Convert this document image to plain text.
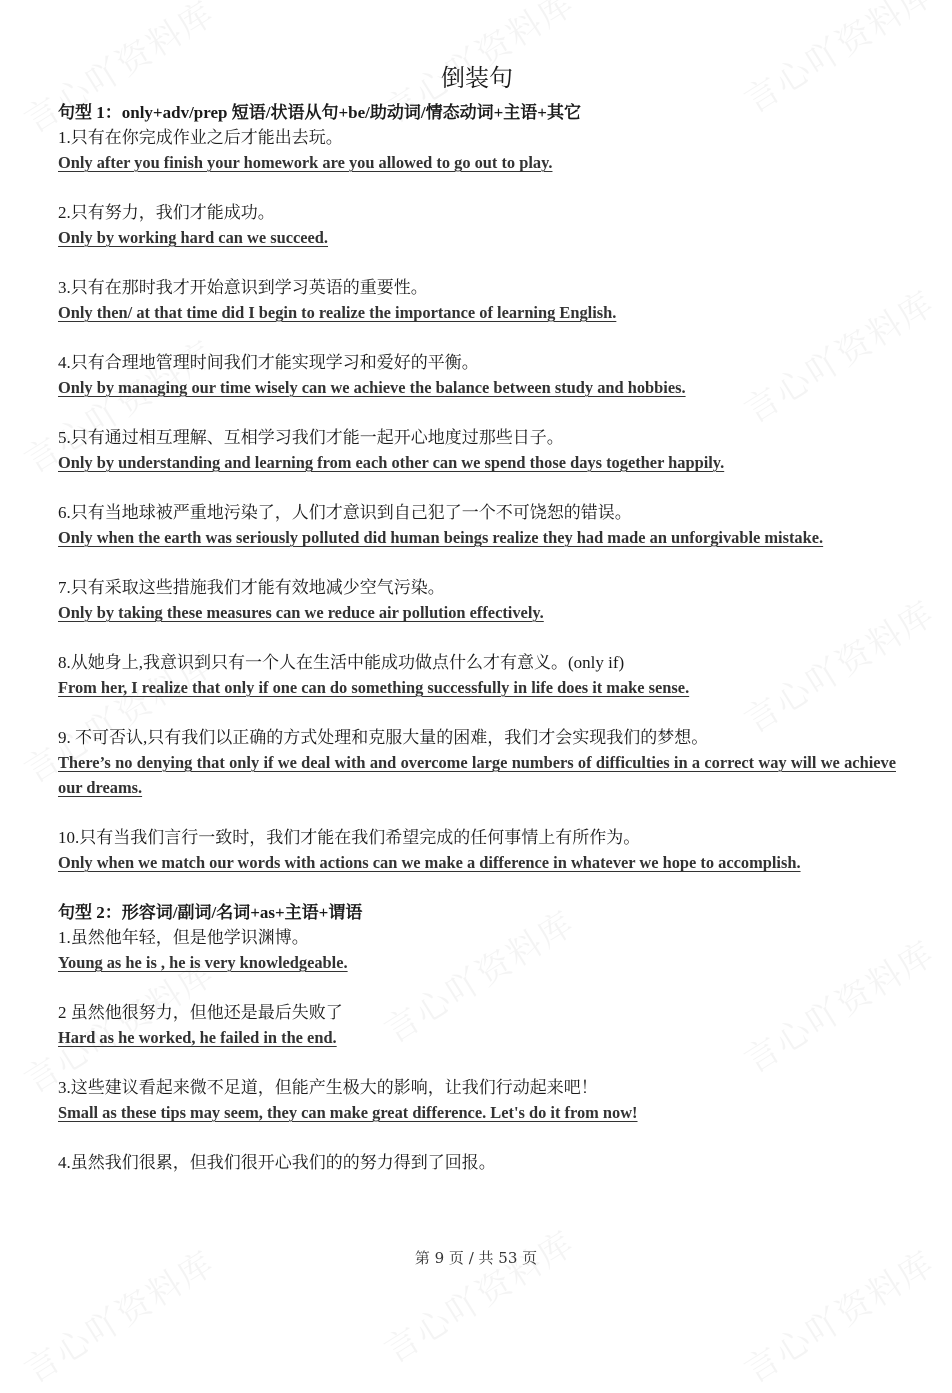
倒装句

句型 1：only+adv/prep 短语/状语从句+be/助动词/情态动词+主语+其它

1.只有在你完成作业之后才能出去玩。

Only after you finish your homework are you allowed to go out to play.

2.只有努力，我们才能成功。

Only by working hard can we succeed.

3.只有在那时我才开始意识到学习英语的重要性。

Only then/ at that time did I begin to realize the importance of learning English.

4.只有合理地管理时间我们才能实现学习和爱好的平衡。

Only by managing our time wisely can we achieve the balance between study and hobbies.

5.只有通过相互理解、互相学习我们才能一起开心地度过那些日子。

Only by understanding and learning from each other can we spend those days together happily.

6.只有当地球被严重地污染了，人们才意识到自己犯了一个不可饶恕的错误。

Only when the earth was seriously polluted did human beings realize they had made an unforgivable mistake.

7.只有采取这些措施我们才能有效地减少空气污染。

Only by taking these measures can we reduce air pollution effectively.

8.从她身上,我意识到只有一个人在生活中能成功做点什么才有意义。(only if)

From her, I realize that only if one can do something successfully in life does it make sense.

9. 不可否认,只有我们以正确的方式处理和克服大量的困难，我们才会实现我们的梦想。

There’s no denying that only if we deal with and overcome large numbers of difficulties in a correct way will we achieve our dreams.

10.只有当我们言行一致时，我们才能在我们希望完成的任何事情上有所作为。

Only when we match our words with actions can we make a difference in whatever we hope to accomplish.

句型 2：形容词/副词/名词+as+主语+谓语

1.虽然他年轻，但是他学识渊博。

Young as he is , he is very knowledgeable.

2 虽然他很努力，但他还是最后失败了

Hard as he worked, he failed in the end.

3.这些建议看起来微不足道，但能产生极大的影响，让我们行动起来吧！

Small as these tips may seem, they can make great difference. Let's do it from now!

4.虽然我们很累，但我们很开心我们的的努力得到了回报。

第 9 页 / 共 53 页
